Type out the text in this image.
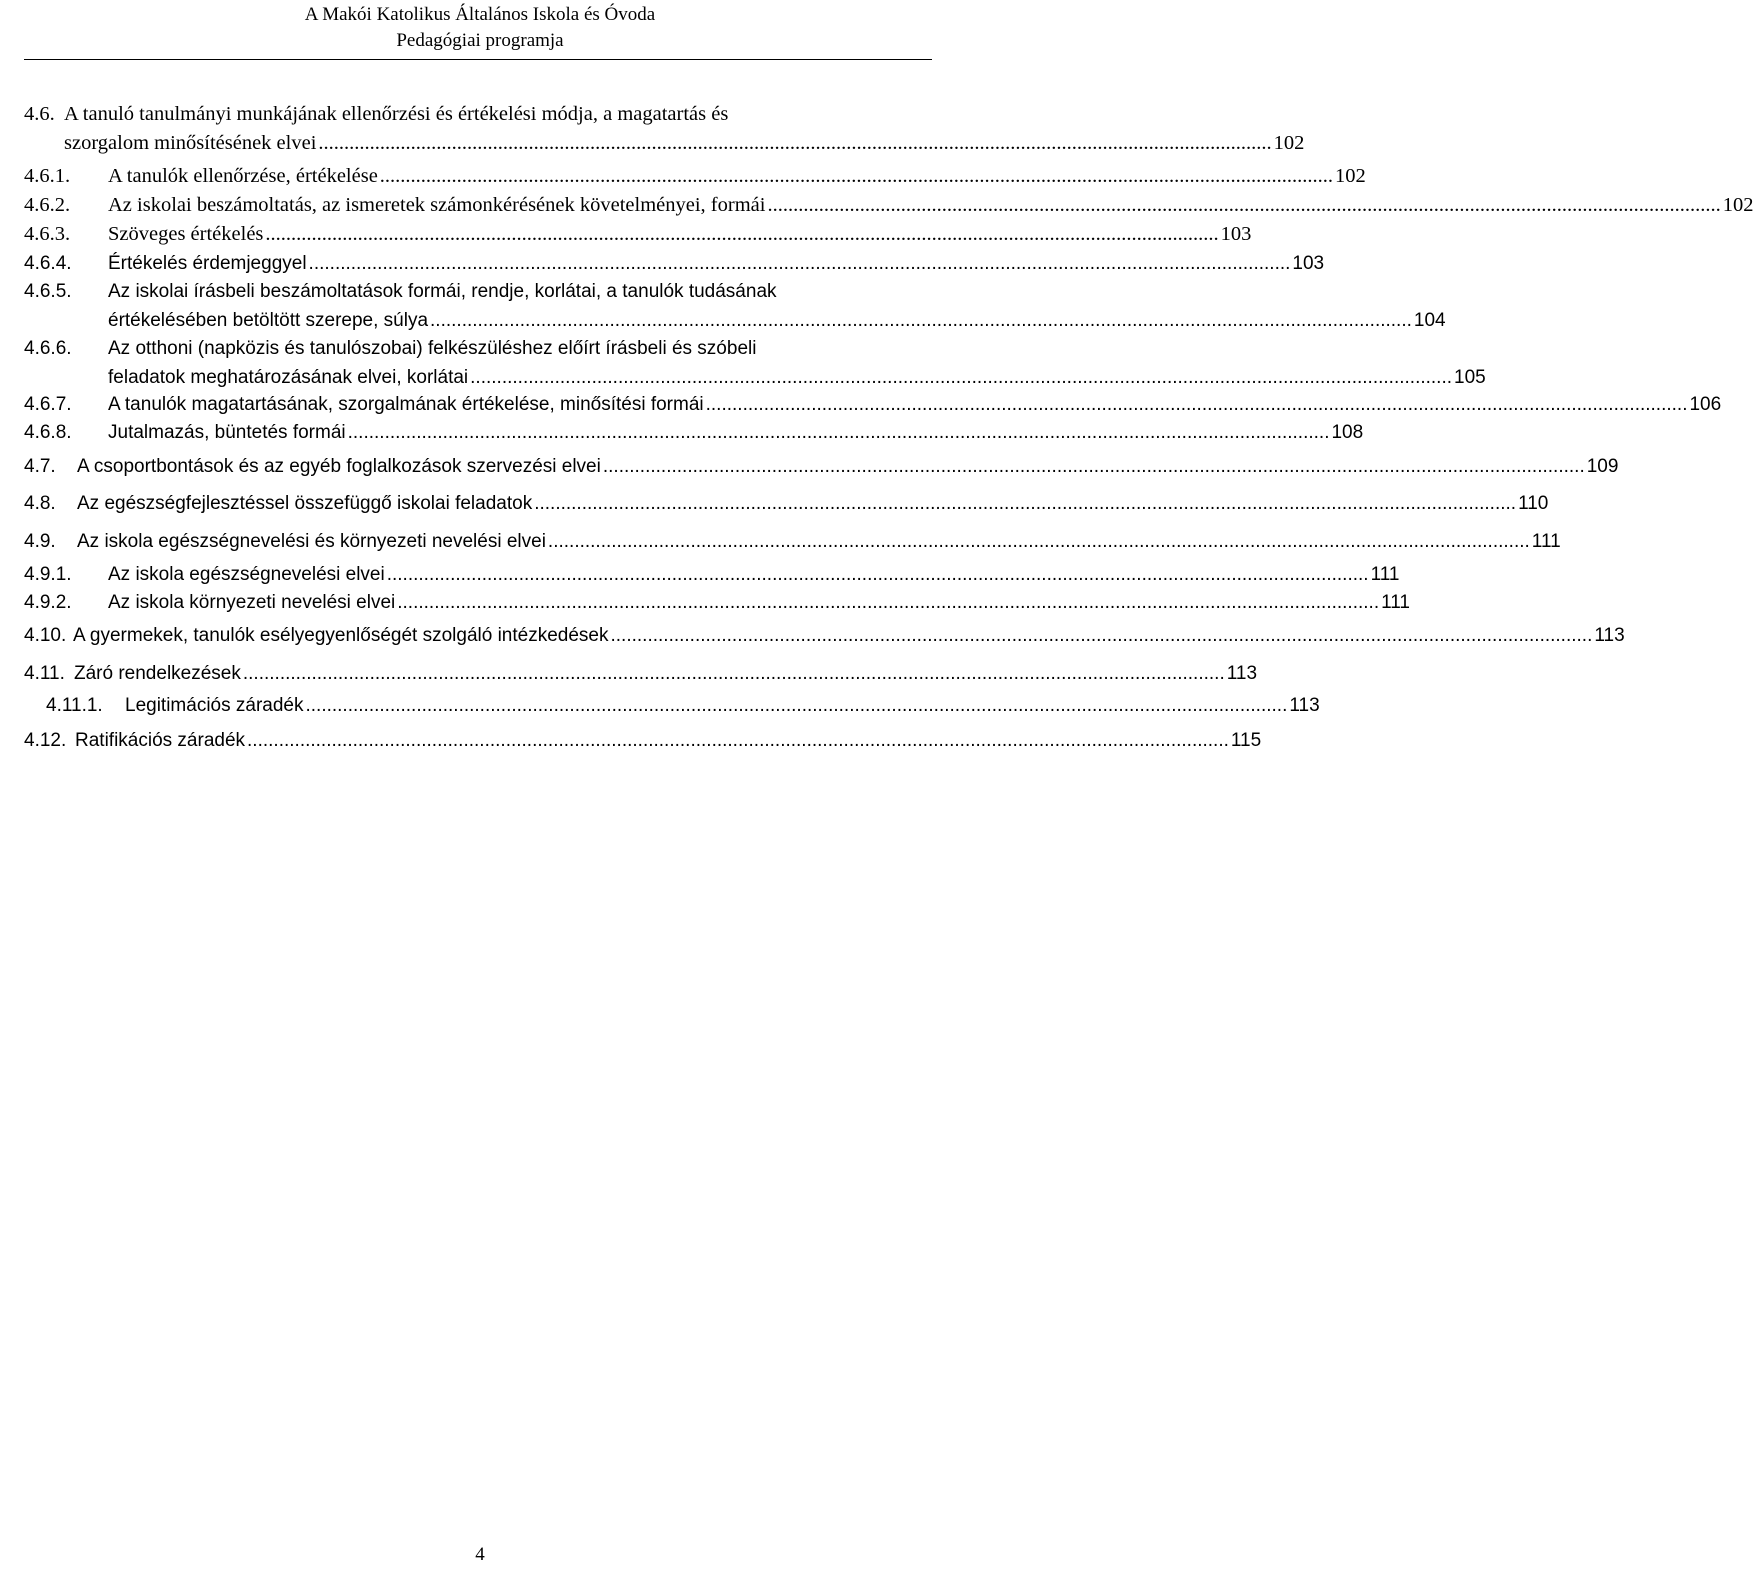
A Makói Katolikus Általános Iskola és Óvoda
Pedagógiai programja
4.6. A tanuló tanulmányi munkájának ellenőrzési és értékelési módja, a magatartás és
szorgalom minősítésének elvei .......................................................................................................................................................................................... 102
4.6.1. A tanulók ellenőrzése, értékelése .......................................................................................................................................................................................... 102
4.6.2. Az iskolai beszámoltatás, az ismeretek számonkérésének követelményei, formái .......................................................................................................................................................................................... 102
4.6.3. Szöveges értékelés .......................................................................................................................................................................................... 103
4.6.4. Értékelés érdemjeggyel .......................................................................................................................................................................................... 103
4.6.5. Az iskolai írásbeli beszámoltatások formái, rendje, korlátai, a tanulók tudásának
értékelésében betöltött szerepe, súlya .......................................................................................................................................................................................... 104
4.6.6. Az otthoni (napközis és tanulószobai) felkészüléshez előírt írásbeli és szóbeli
feladatok meghatározásának elvei, korlátai .......................................................................................................................................................................................... 105
4.6.7. A tanulók magatartásának, szorgalmának értékelése, minősítési formái .......................................................................................................................................................................................... 106
4.6.8. Jutalmazás, büntetés formái .......................................................................................................................................................................................... 108
4.7. A csoportbontások és az egyéb foglalkozások szervezési elvei .......................................................................................................................................................................................... 109
4.8. Az egészségfejlesztéssel összefüggő iskolai feladatok .......................................................................................................................................................................................... 110
4.9. Az iskola egészségnevelési és környezeti nevelési elvei .......................................................................................................................................................................................... 111
4.9.1. Az iskola egészségnevelési elvei .......................................................................................................................................................................................... 111
4.9.2. Az iskola környezeti nevelési elvei .......................................................................................................................................................................................... 111
4.10. A gyermekek, tanulók esélyegyenlőségét szolgáló intézkedések .......................................................................................................................................................................................... 113
4.11. Záró rendelkezések .......................................................................................................................................................................................... 113
4.11.1. Legitimációs záradék .......................................................................................................................................................................................... 113
4.12. Ratifikációs záradék .......................................................................................................................................................................................... 115
4
